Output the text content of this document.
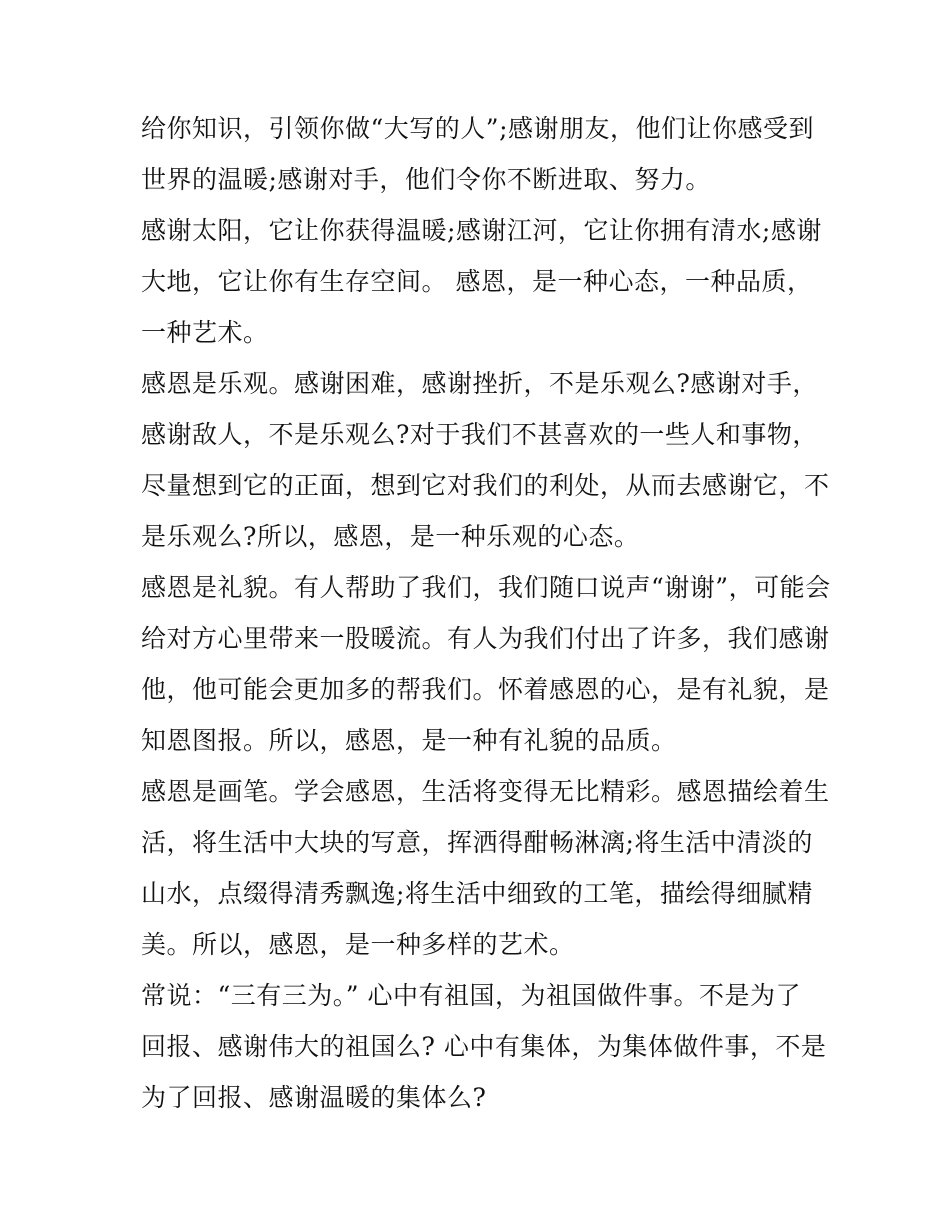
给你知识，引领你做“大写的人”;感谢朋友，他们让你感受到
世界的温暖;感谢对手，他们令你不断进取、努力。
感谢太阳，它让你获得温暖;感谢江河，它让你拥有清水;感谢
大地，它让你有生存空间。 感恩，是一种心态，一种品质，
一种艺术。
感恩是乐观。感谢困难，感谢挫折，不是乐观么?感谢对手，
感谢敌人，不是乐观么?对于我们不甚喜欢的一些人和事物，
尽量想到它的正面，想到它对我们的利处，从而去感谢它，不
是乐观么?所以，感恩，是一种乐观的心态。
感恩是礼貌。有人帮助了我们，我们随口说声“谢谢”，可能会
给对方心里带来一股暖流。有人为我们付出了许多，我们感谢
他，他可能会更加多的帮我们。怀着感恩的心，是有礼貌，是
知恩图报。所以，感恩，是一种有礼貌的品质。
感恩是画笔。学会感恩，生活将变得无比精彩。感恩描绘着生
活，将生活中大块的写意，挥洒得酣畅淋漓;将生活中清淡的
山水，点缀得清秀飘逸;将生活中细致的工笔，描绘得细腻精
美。所以，感恩，是一种多样的艺术。
常说：“三有三为。” 心中有祖国，为祖国做件事。不是为了
回报、感谢伟大的祖国么? 心中有集体，为集体做件事，不是
为了回报、感谢温暖的集体么?
